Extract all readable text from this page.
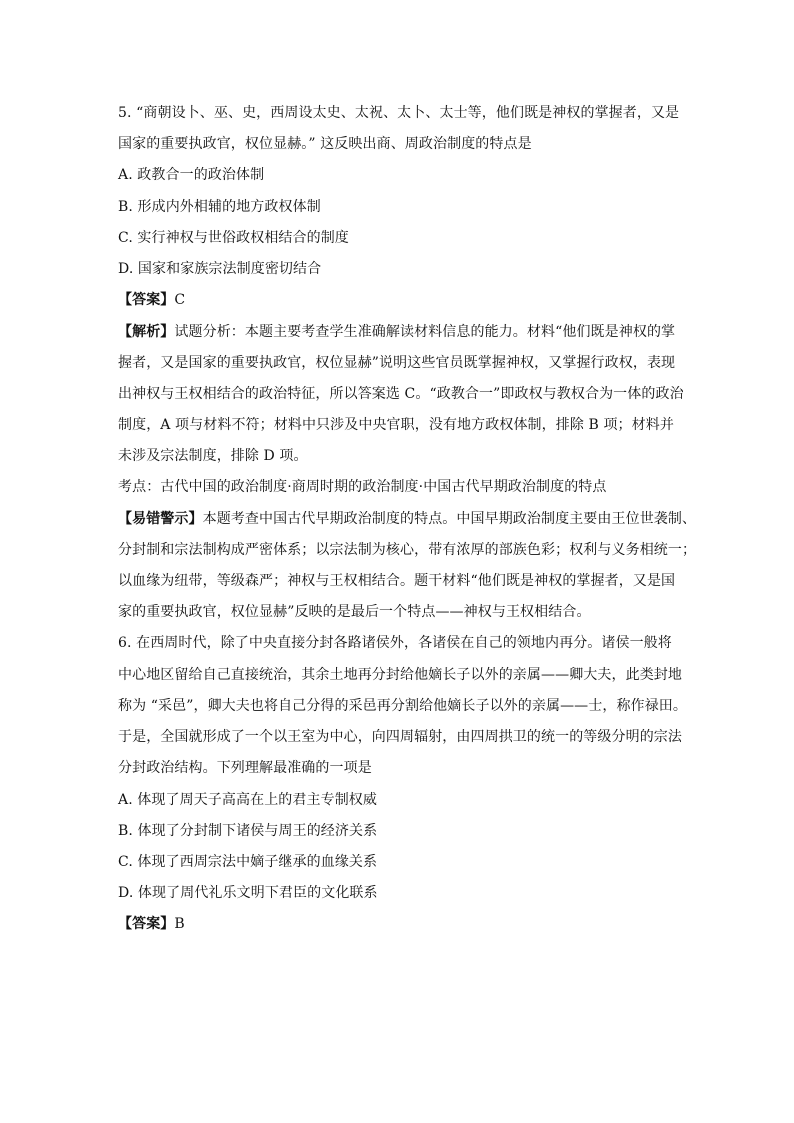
5. “商朝设卜、巫、史，西周设太史、太祝、太卜、太士等，他们既是神权的掌握者，又是
国家的重要执政官，权位显赫。” 这反映出商、周政治制度的特点是
A. 政教合一的政治体制
B. 形成内外相辅的地方政权体制
C. 实行神权与世俗政权相结合的制度
D. 国家和家族宗法制度密切结合
【答案】C
【解析】试题分析：本题主要考查学生准确解读材料信息的能力。材料“他们既是神权的掌
握者，又是国家的重要执政官，权位显赫”说明这些官员既掌握神权，又掌握行政权，表现
出神权与王权相结合的政治特征，所以答案选 C。“政教合一”即政权与教权合为一体的政治
制度，A 项与材料不符；材料中只涉及中央官职，没有地方政权体制，排除 B 项；材料并
未涉及宗法制度，排除 D 项。
考点：古代中国的政治制度·商周时期的政治制度·中国古代早期政治制度的特点
【易错警示】本题考查中国古代早期政治制度的特点。中国早期政治制度主要由王位世袭制、
分封制和宗法制构成严密体系；以宗法制为核心，带有浓厚的部族色彩；权利与义务相统一；
以血缘为纽带，等级森严；神权与王权相结合。题干材料“他们既是神权的掌握者，又是国
家的重要执政官，权位显赫”反映的是最后一个特点——神权与王权相结合。
6. 在西周时代，除了中央直接分封各路诸侯外，各诸侯在自己的领地内再分。诸侯一般将
中心地区留给自己直接统治，其余土地再分封给他嫡长子以外的亲属——卿大夫，此类封地
称为 “采邑”，卿大夫也将自己分得的采邑再分割给他嫡长子以外的亲属——士，称作禄田。
于是，全国就形成了一个以王室为中心，向四周辐射，由四周拱卫的统一的等级分明的宗法
分封政治结构。下列理解最准确的一项是
A. 体现了周天子高高在上的君主专制权威
B. 体现了分封制下诸侯与周王的经济关系
C. 体现了西周宗法中嫡子继承的血缘关系
D. 体现了周代礼乐文明下君臣的文化联系
【答案】B
